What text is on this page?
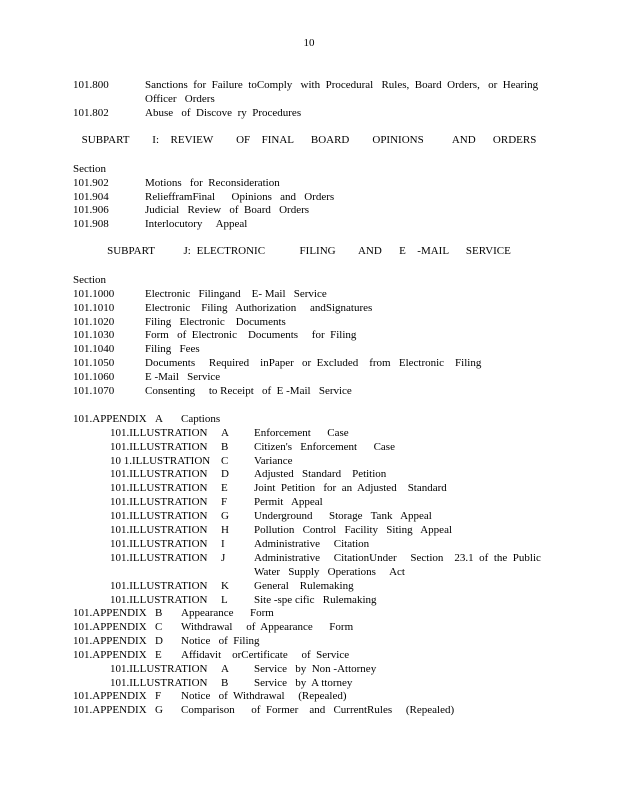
10
101.800	Sanctions  for  Failure  toComply   with  Procedural   Rules,  Board  Orders,   or  Hearing
Officer   Orders
101.802	Abuse   of  Discove  ry  Procedures
SUBPART    I:  REVIEW    OF  FINAL   BOARD    OPINIONS     AND   ORDERS
Section
101.902	Motions   for  Reconsideration
101.904	ReliefframFinal      Opinions   and   Orders
101.906	Judicial   Review   of  Board   Orders
101.908	Interlocutory     Appeal
SUBPART     J: ELECTRONIC      FILING    AND   E  -MAIL   SERVICE
Section
101.1000	Electronic   Filingand    E- Mail   Service
101.1010	Electronic    Filing   Authorization     andSignatures
101.1020	Filing   Electronic    Documents
101.1030	Form   of  Electronic    Documents     for  Filing
101.1040	Filing   Fees
101.1050	Documents     Required    inPaper   or  Excluded    from   Electronic    Filing
101.1060	E -Mail   Service
101.1070	Consenting     to Receipt   of  E -Mail   Service
101.APPENDIX A Captions
101.ILLUSTRATION A Enforcement      Case
101.ILLUSTRATION B Citizen's   Enforcement      Case
10 1.ILLUSTRATION C Variance
101.ILLUSTRATION D Adjusted   Standard    Petition
101.ILLUSTRATION E Joint  Petition   for  an  Adjusted    Standard
101.ILLUSTRATION F Permit   Appeal
101.ILLUSTRATION G Underground      Storage   Tank   Appeal
101.ILLUSTRATION H Pollution   Control   Facility   Siting   Appeal
101.ILLUSTRATION I	Administrative     Citation
101.ILLUSTRATION J	Administrative     CitationUnder     Section    23.1  of  the  Public
Water   Supply   Operations     Act
101.ILLUSTRATION K General    Rulemaking
101.ILLUSTRATION L Site -spe cific   Rulemaking
101.APPENDIX B Appearance      Form
101.APPENDIX C Withdrawal     of  Appearance      Form
101.APPENDIX D Notice   of  Filing
101.APPENDIX E Affidavit    orCertificate     of  Service
101.ILLUSTRATION A Service   by  Non -Attorney
101.ILLUSTRATION B Service   by  A ttorney
101.APPENDIX F Notice   of  Withdrawal     (Repealed)
101.APPENDIX G Comparison      of  Former    and   CurrentRules     (Repealed)
